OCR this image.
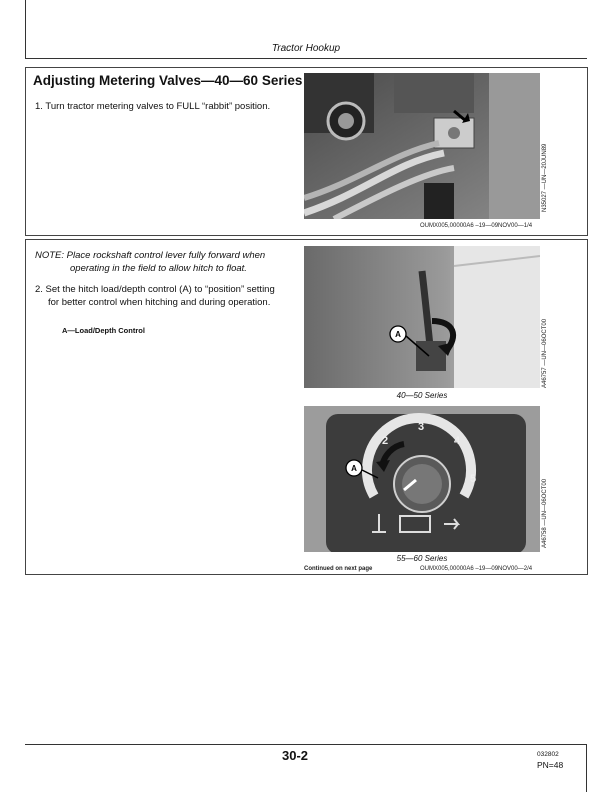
Tractor Hookup
Adjusting Metering Valves—40—60 Series
1. Turn tractor metering valves to FULL “rabbit” position.
N35027 —UN—20JUN89
OUMX005,00000A6 –19—09NOV00—1/4
NOTE: Place rockshaft control lever fully forward when
operating in the field to allow hitch to float.
2. Set the hitch load/depth control (A) to “position” setting
for better control when hitching and during operation.
A—Load/Depth Control	A	A46757 —UN—06OCT00
40—50 Series
2
3
4
5
A
A46758 —UN—06OCT00
55—60 Series
Continued on next page	OUMX005,00000A6 –19—09NOV00—2/4
30-2	032802
PN=48
